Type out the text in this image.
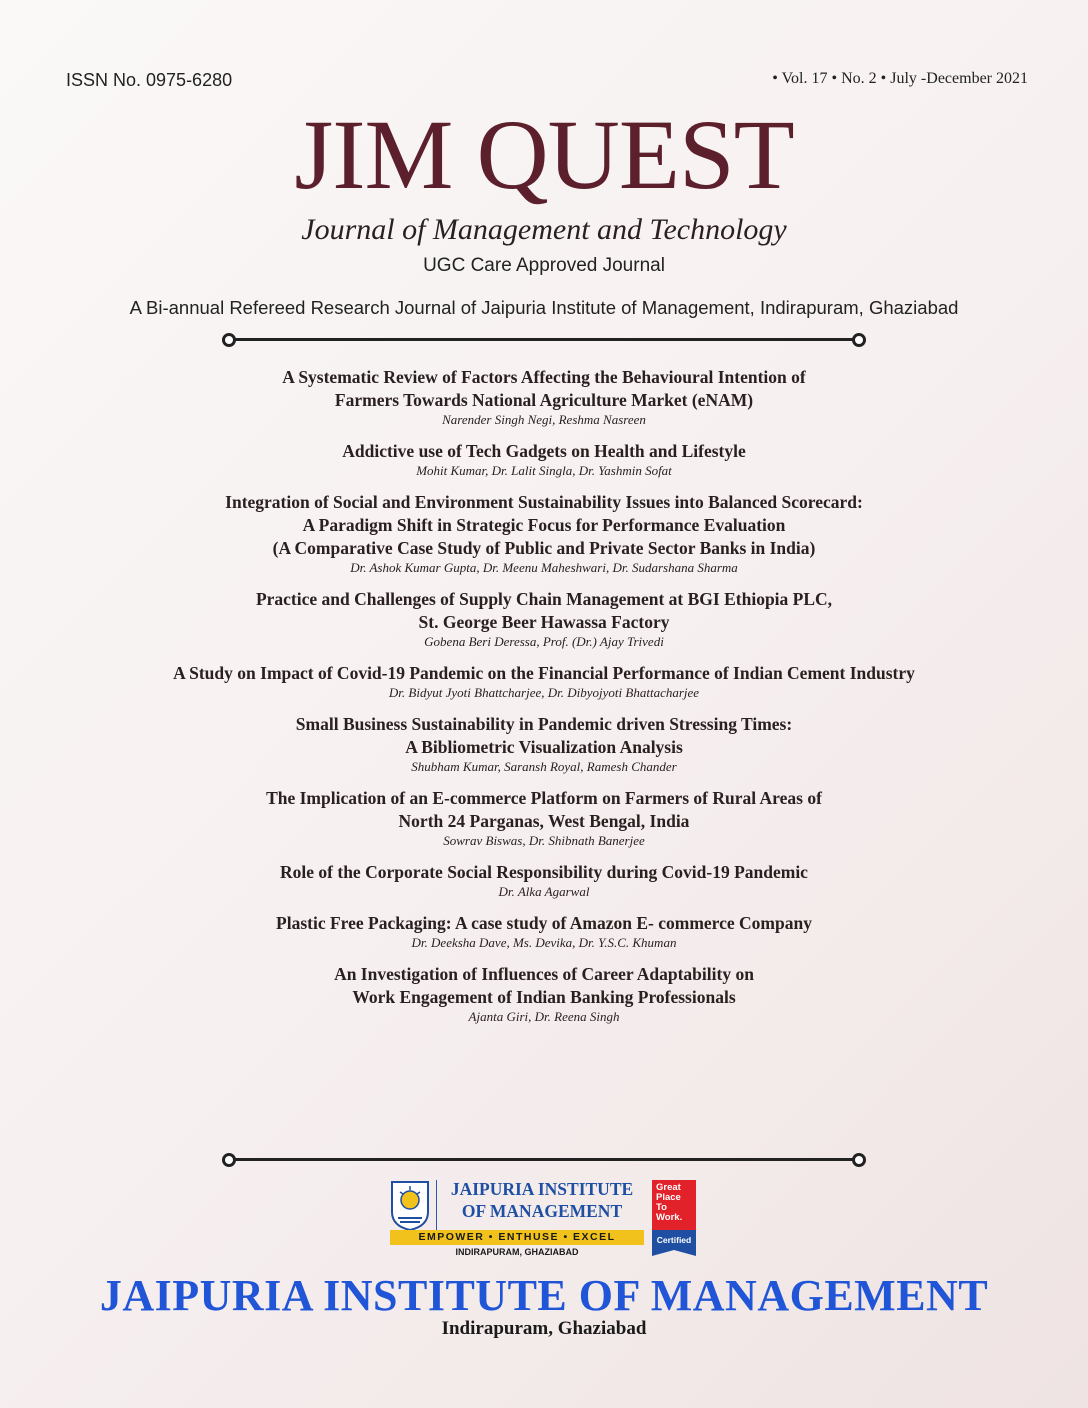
ISSN No. 0975-6280	• Vol. 17 • No. 2 • July -December 2021
JIM QUEST
Journal of Management and Technology
UGC Care Approved Journal
A Bi-annual Refereed Research Journal of Jaipuria Institute of Management, Indirapuram, Ghaziabad
A Systematic Review of Factors Affecting the Behavioural Intention of
Farmers Towards National Agriculture Market (eNAM)
Narender Singh Negi, Reshma Nasreen
Addictive use of Tech Gadgets on Health and Lifestyle
Mohit Kumar, Dr. Lalit Singla, Dr. Yashmin Sofat
Integration of Social and Environment Sustainability Issues into Balanced Scorecard:
A Paradigm Shift in Strategic Focus for Performance Evaluation
(A Comparative Case Study of Public and Private Sector Banks in India)
Dr. Ashok Kumar Gupta, Dr. Meenu Maheshwari, Dr. Sudarshana Sharma
Practice and Challenges of Supply Chain Management at BGI Ethiopia PLC,
St. George Beer Hawassa Factory
Gobena Beri Deressa, Prof. (Dr.) Ajay Trivedi
A Study on Impact of Covid-19 Pandemic on the Financial Performance of Indian Cement Industry
Dr. Bidyut Jyoti Bhattcharjee, Dr. Dibyojyoti Bhattacharjee
Small Business Sustainability in Pandemic driven Stressing Times:
A Bibliometric Visualization Analysis
Shubham Kumar, Saransh Royal, Ramesh Chander
The Implication of an E-commerce Platform on Farmers of Rural Areas of
North 24 Parganas, West Bengal, India
Sowrav Biswas, Dr. Shibnath Banerjee
Role of the Corporate Social Responsibility during Covid-19 Pandemic
Dr. Alka Agarwal
Plastic Free Packaging: A case study of Amazon E- commerce Company
Dr. Deeksha Dave, Ms. Devika, Dr. Y.S.C. Khuman
An Investigation of Influences of Career Adaptability on
Work Engagement of Indian Banking Professionals
Ajanta Giri, Dr. Reena Singh
JAIPURIA INSTITUTE OF MANAGEMENT
EMPOWER • ENTHUSE • EXCEL
INDIRAPURAM, GHAZIABAD
Great
Place
To
Work.
Certified
JAIPURIA INSTITUTE OF MANAGEMENT
Indirapuram, Ghaziabad
